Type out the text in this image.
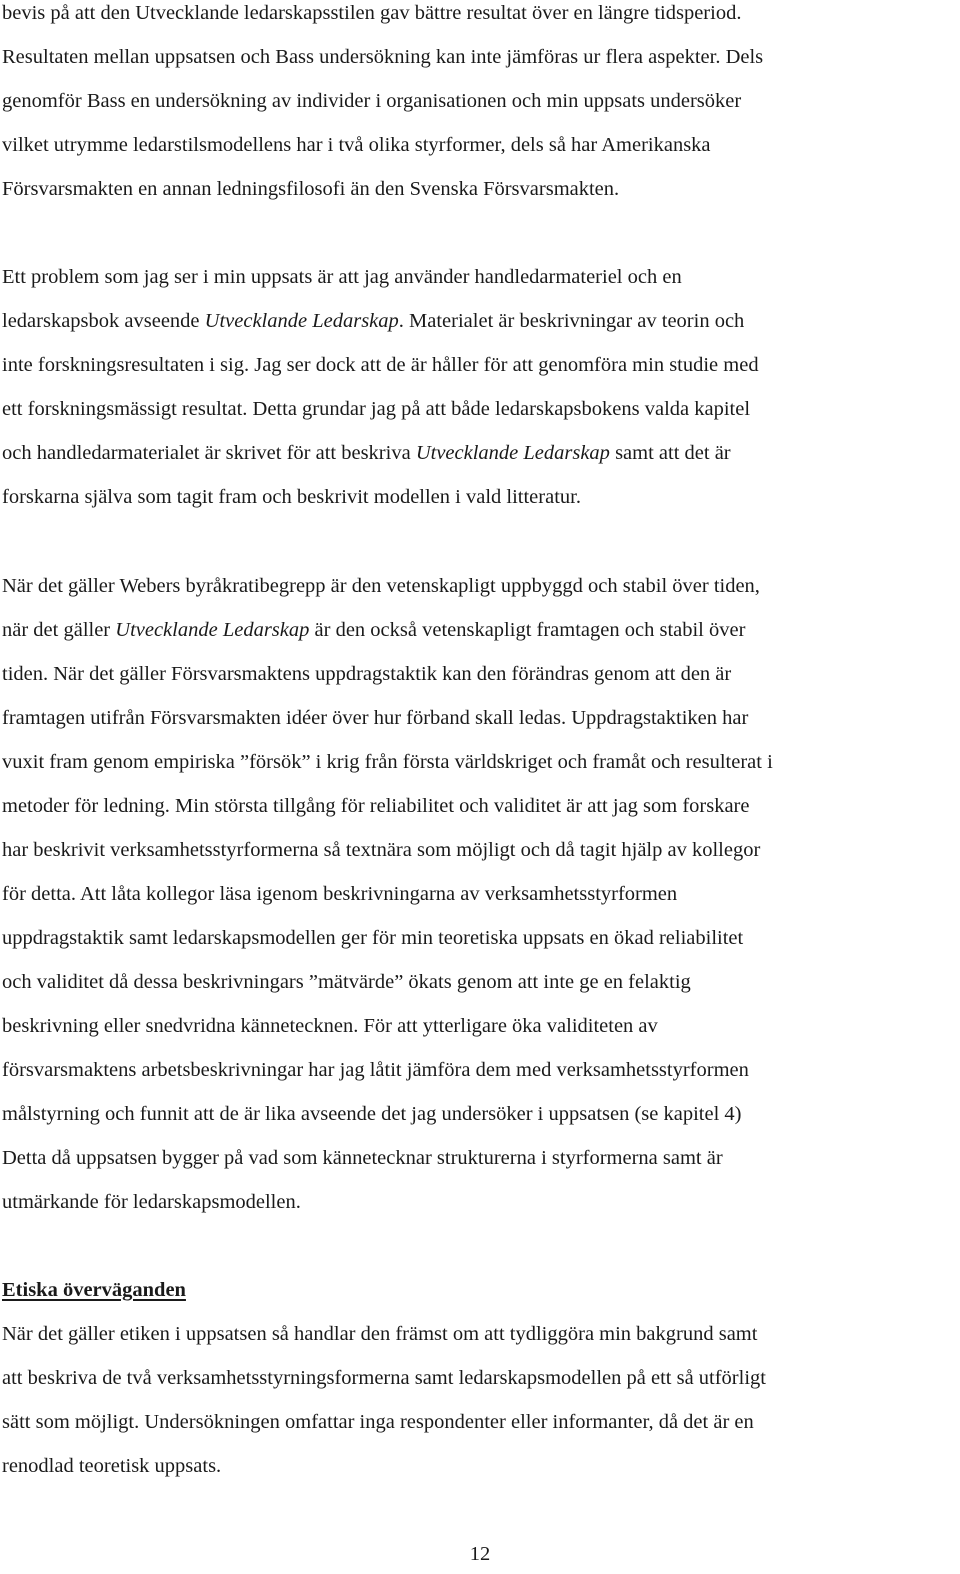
bevis på att den Utvecklande ledarskapsstilen gav bättre resultat över en längre tidsperiod.
Resultaten mellan uppsatsen och Bass undersökning kan inte jämföras ur flera aspekter. Dels
genomför Bass en undersökning av individer i organisationen och min uppsats undersöker
vilket utrymme ledarstilsmodellens har i två olika styrformer, dels så har Amerikanska
Försvarsmakten en annan ledningsfilosofi än den Svenska Försvarsmakten.

Ett problem som jag ser i min uppsats är att jag använder handledarmateriel och en
ledarskapsbok avseende Utvecklande Ledarskap. Materialet är beskrivningar av teorin och
inte forskningsresultaten i sig. Jag ser dock att de är håller för att genomföra min studie med
ett forskningsmässigt resultat. Detta grundar jag på att både ledarskapsbokens valda kapitel
och handledarmaterialet är skrivet för att beskriva Utvecklande Ledarskap samt att det är
forskarna själva som tagit fram och beskrivit modellen i vald litteratur.

När det gäller Webers byråkratibegrepp är den vetenskapligt uppbyggd och stabil över tiden,
när det gäller Utvecklande Ledarskap är den också vetenskapligt framtagen och stabil över
tiden. När det gäller Försvarsmaktens uppdragstaktik kan den förändras genom att den är
framtagen utifrån Försvarsmakten idéer över hur förband skall ledas. Uppdragstaktiken har
vuxit fram genom empiriska ”försök” i krig från första världskriget och framåt och resulterat i
metoder för ledning. Min största tillgång för reliabilitet och validitet är att jag som forskare
har beskrivit verksamhetsstyrformerna så textnära som möjligt och då tagit hjälp av kollegor
för detta. Att låta kollegor läsa igenom beskrivningarna av verksamhetsstyrformen
uppdragstaktik samt ledarskapsmodellen ger för min teoretiska uppsats en ökad reliabilitet
och validitet då dessa beskrivningars ”mätvärde” ökats genom att inte ge en felaktig
beskrivning eller snedvridna kännetecknen. För att ytterligare öka validiteten av
försvarsmaktens arbetsbeskrivningar har jag låtit jämföra dem med verksamhetsstyrformen
målstyrning och funnit att de är lika avseende det jag undersöker i uppsatsen (se kapitel 4)
Detta då uppsatsen bygger på vad som kännetecknar strukturerna i styrformerna samt är
utmärkande för ledarskapsmodellen.

Etiska överväganden

När det gäller etiken i uppsatsen så handlar den främst om att tydliggöra min bakgrund samt
att beskriva de två verksamhetsstyrningsformerna samt ledarskapsmodellen på ett så utförligt
sätt som möjligt. Undersökningen omfattar inga respondenter eller informanter, då det är en
renodlad teoretisk uppsats.

12
